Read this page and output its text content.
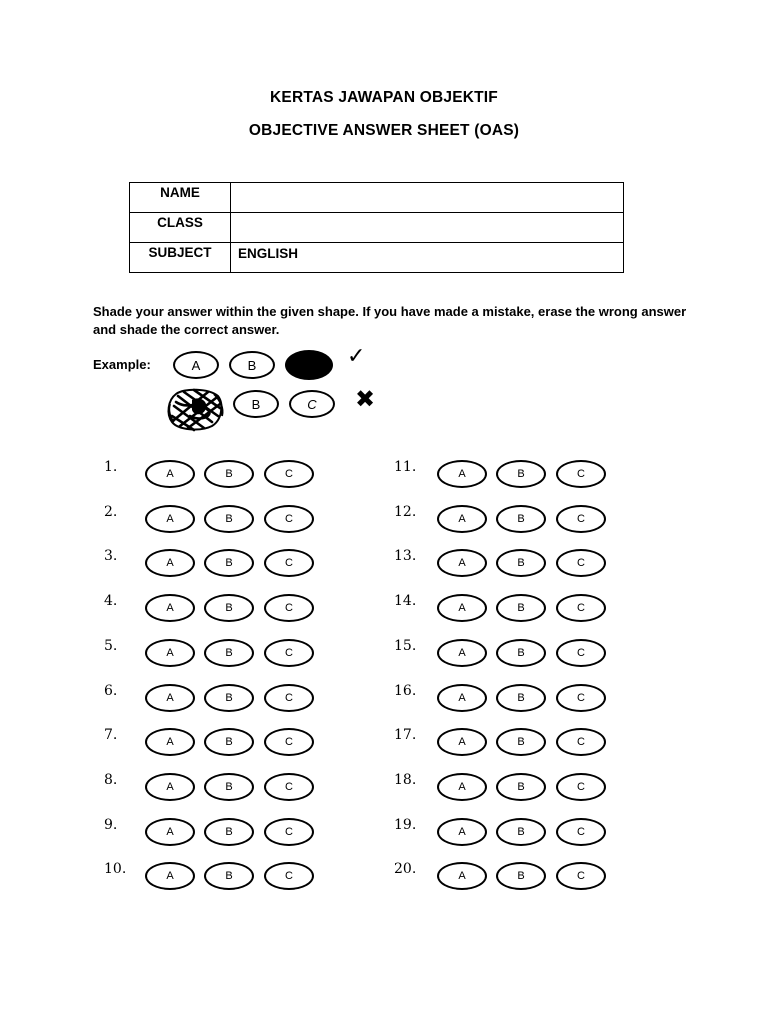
KERTAS JAWAPAN OBJEKTIF
OBJECTIVE ANSWER SHEET (OAS)
NAME	
CLASS	
SUBJECT	ENGLISH
Shade your answer within the given shape. If you have made a mistake, erase the wrong answer and shade the correct answer.
Example:	A	B	C	✓
B	C	✖
1.	A	B	C
2.	A	B	C
3.	A	B	C
4.	A	B	C
5.	A	B	C
6.	A	B	C
7.	A	B	C
8.	A	B	C
9.	A	B	C
10.	A	B	C
11.	A	B	C
12.	A	B	C
13.	A	B	C
14.	A	B	C
15.	A	B	C
16.	A	B	C
17.	A	B	C
18.	A	B	C
19.	A	B	C
20.	A	B	C
